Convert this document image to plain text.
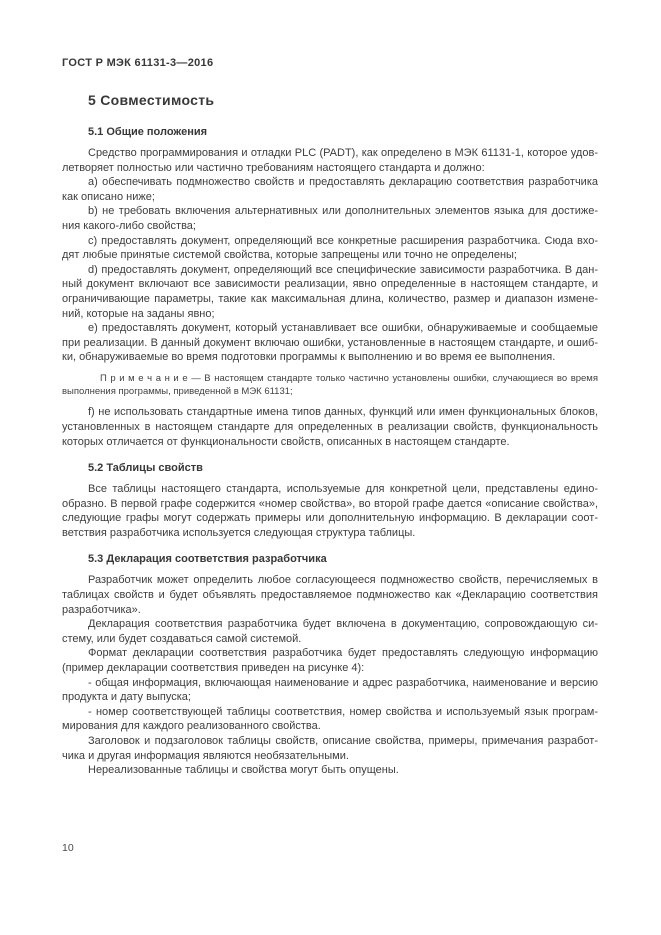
ГОСТ Р МЭК 61131-3—2016
5 Совместимость
5.1 Общие положения

Средство программирования и отладки PLC (PADT), как определено в МЭК 61131-1, которое удовлетворяет полностью или частично требованиям настоящего стандарта и должно:

a) обеспечивать подмножество свойств и предоставлять декларацию соответствия разработчика как описано ниже;

b) не требовать включения альтернативных или дополнительных элементов языка для достижения какого-либо свойства;

c) предоставлять документ, определяющий все конкретные расширения разработчика. Сюда входят любые принятые системой свойства, которые запрещены или точно не определены;

d) предоставлять документ, определяющий все специфические зависимости разработчика. В данный документ включают все зависимости реализации, явно определенные в настоящем стандарте, и ограничивающие параметры, такие как максимальная длина, количество, размер и диапазон изменений, которые на заданы явно;

e) предоставлять документ, который устанавливает все ошибки, обнаруживаемые и сообщаемые при реализации. В данный документ включаю ошибки, установленные в настоящем стандарте, и ошибки, обнаруживаемые во время подготовки программы к выполнению и во время ее выполнения.

П р и м е ч а н и е — В настоящем стандарте только частично установлены ошибки, случающиеся во время выполнения программы, приведенной в МЭК 61131;

f) не использовать стандартные имена типов данных, функций или имен функциональных блоков, установленных в настоящем стандарте для определенных в реализации свойств, функциональность которых отличается от функциональности свойств, описанных в настоящем стандарте.

5.2 Таблицы свойств

Все таблицы настоящего стандарта, используемые для конкретной цели, представлены единообразно. В первой графе содержится «номер свойства», во второй графе дается «описание свойства», следующие графы могут содержать примеры или дополнительную информацию. В декларации соответствия разработчика используется следующая структура таблицы.

5.3 Декларация соответствия разработчика

Разработчик может определить любое согласующееся подмножество свойств, перечисляемых в таблицах свойств и будет объявлять предоставляемое подмножество как «Декларацию соответствия разработчика».

Декларация соответствия разработчика будет включена в документацию, сопровождающую систему, или будет создаваться самой системой.

Формат декларации соответствия разработчика будет предоставлять следующую информацию (пример декларации соответствия приведен на рисунке 4):

- общая информация, включающая наименование и адрес разработчика, наименование и версию продукта и дату выпуска;

- номер соответствующей таблицы соответствия, номер свойства и используемый язык программирования для каждого реализованного свойства.

Заголовок и подзаголовок таблицы свойств, описание свойства, примеры, примечания разработчика и другая информация являются необязательными.

Нереализованные таблицы и свойства могут быть опущены.

10
